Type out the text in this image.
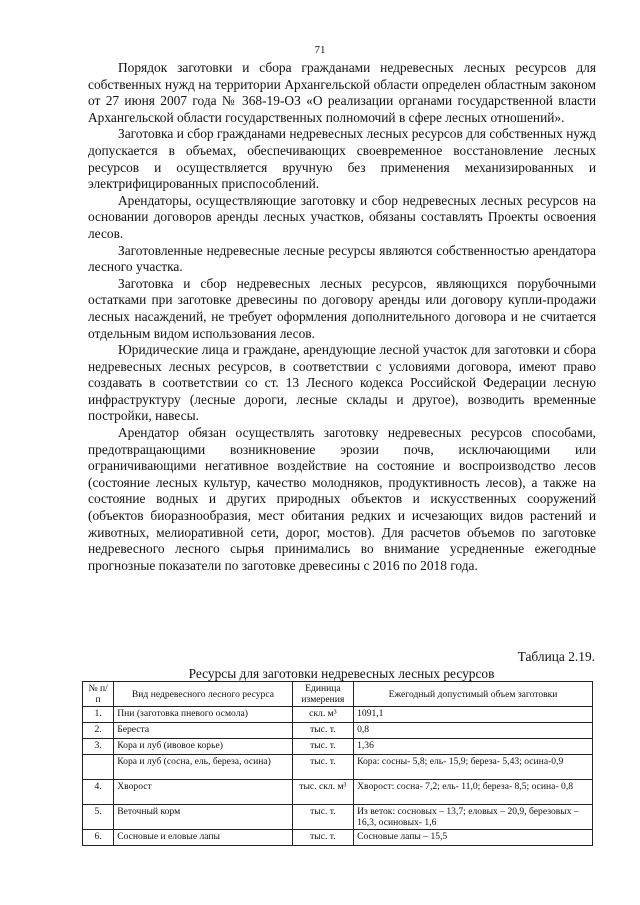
71

Порядок заготовки и сбора гражданами недревесных лесных ресурсов для собственных нужд на территории Архангельской области определен областным законом от 27 июня 2007 года № 368-19-ОЗ «О реализации органами государственной власти Архангельской области государственных полномочий в сфере лесных отношений».

Заготовка и сбор гражданами недревесных лесных ресурсов для собственных нужд допускается в объемах, обеспечивающих своевременное восстановление лесных ресурсов и осуществляется вручную без применения механизированных и электрифицированных приспособлений.

Арендаторы, осуществляющие заготовку и сбор недревесных лесных ресурсов на основании договоров аренды лесных участков, обязаны составлять Проекты освоения лесов.

Заготовленные недревесные лесные ресурсы являются собственностью арендатора лесного участка.

Заготовка и сбор недревесных лесных ресурсов, являющихся порубочными остатками при заготовке древесины по договору аренды или договору купли-продажи лесных насаждений, не требует оформления дополнительного договора и не считается отдельным видом использования лесов.

Юридические лица и граждане, арендующие лесной участок для заготовки и сбора недревесных лесных ресурсов, в соответствии с условиями договора, имеют право создавать в соответствии со ст. 13 Лесного кодекса Российской Федерации лесную инфраструктуру (лесные дороги, лесные склады и другое), возводить временные постройки, навесы.

Арендатор обязан осуществлять заготовку недревесных ресурсов способами, предотвращающими возникновение эрозии почв, исключающими или ограничивающими негативное воздействие на состояние и воспроизводство лесов (состояние лесных культур, качество молодняков, продуктивность лесов), а также на состояние водных и других природных объектов и искусственных сооружений (объектов биоразнообразия, мест обитания редких и исчезающих видов растений и животных, мелиоративной сети, дорог, мостов). Для расчетов объемов по заготовке недревесного лесного сырья принимались во внимание усредненные ежегодные прогнозные показатели по заготовке древесины с 2016 по 2018 года.

Таблица 2.19.
Ресурсы для заготовки недревесных лесных ресурсов
№ п/п	Вид недревесного лесного ресурса	Единица измерения	Ежегодный допустимый объем заготовки
1.	Пни (заготовка пневого осмола)	скл. м³	1091,1
2.	Береста	тыс. т.	0,8
3.	Кора и луб (ивовое корье)	тыс. т.	1,36
	Кора и луб (сосна, ель, береза, осина)	тыс. т.	Кора: сосны- 5,8; ель- 15,9; береза- 5,43; осина-0,9
4.	Хворост	тыс. скл. м³	Хворост: сосна- 7,2; ель- 11,0; береза- 8,5; осина- 0,8
5.	Веточный корм	тыс. т.	Из веток: сосновых – 13,7; еловых – 20,9, березовых – 16,3, осиновых- 1,6
6.	Сосновые и еловые лапы	тыс. т.	Сосновые лапы – 15,5
